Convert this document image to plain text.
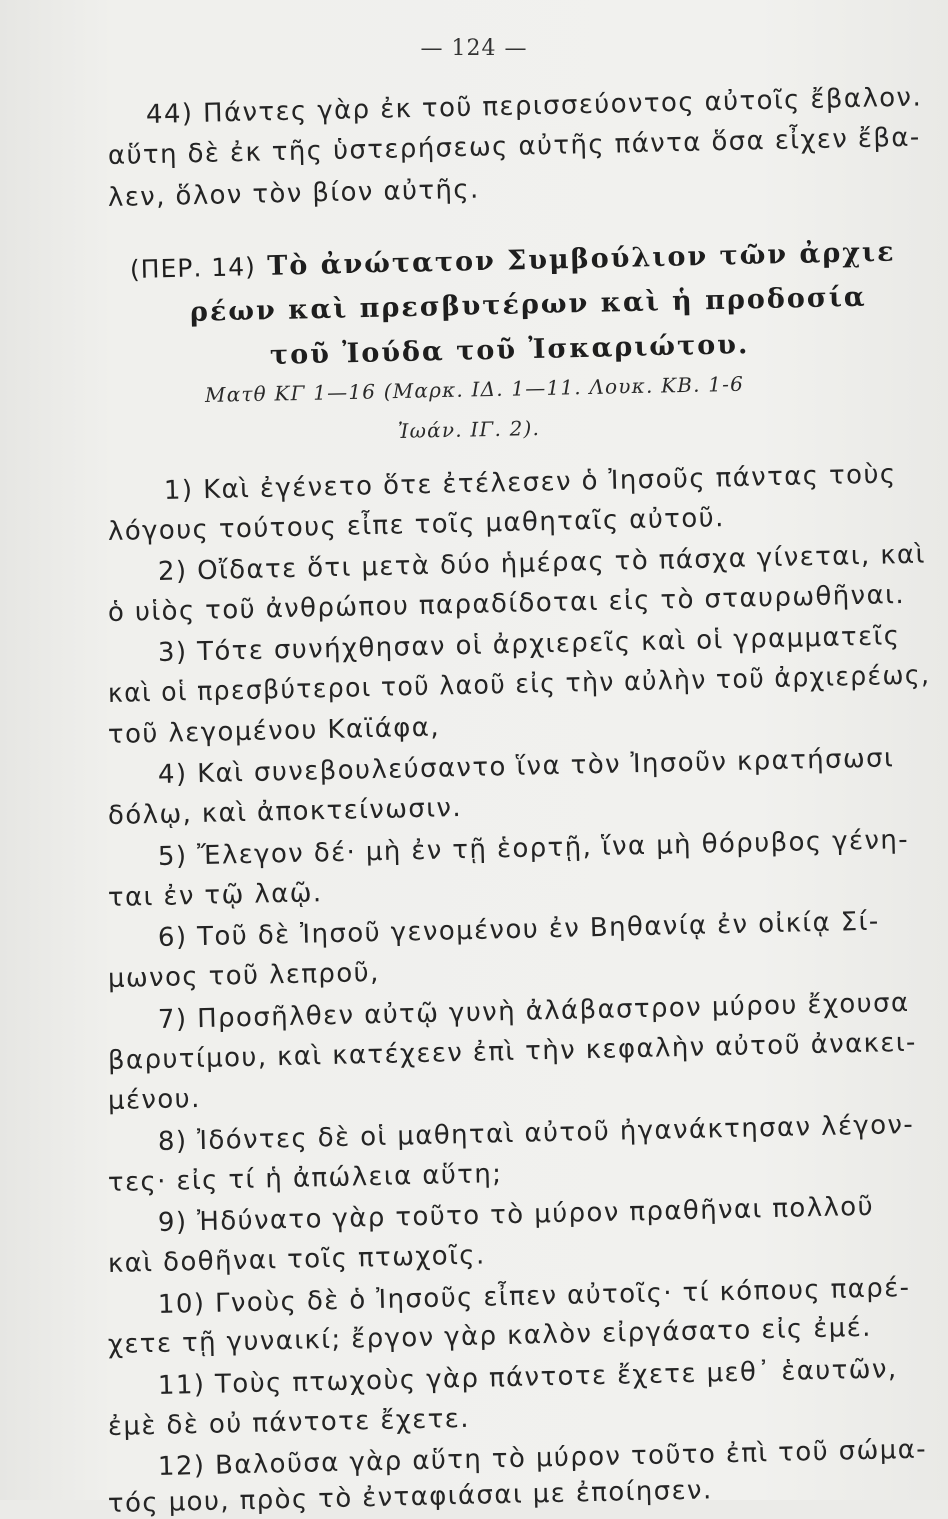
— 124 —
44) Πάντες γὰρ ἐκ τοῦ περισσεύοντος αὐτοῖς ἔβαλον.
αὕτη δὲ ἐκ τῆς ὑστερήσεως αὐτῆς πάντα ὅσα εἶχεν ἔβα-
λεν, ὅλον τὸν βίον αὐτῆς.
(ΠΕΡ. 14) Τὸ ἀνώτατον Συμβούλιον τῶν ἀρχιε
ρέων καὶ πρεσβυτέρων καὶ ἡ προδοσία
τοῦ Ἰούδα τοῦ Ἰσκαριώτου.
Ματθ ΚΓ 1—16 (Μαρκ. ΙΔ. 1—11. Λουκ. ΚΒ. 1-6
Ἰωάν. ΙΓ. 2).
1) Καὶ ἐγένετο ὅτε ἐτέλεσεν ὁ Ἰησοῦς πάντας τοὺς
λόγους τούτους εἶπε τοῖς μαθηταῖς αὐτοῦ.
2) Οἴδατε ὅτι μετὰ δύο ἡμέρας τὸ πάσχα γίνεται, καὶ
ὁ υἱὸς τοῦ ἀνθρώπου παραδίδοται εἰς τὸ σταυρωθῆναι.
3) Τότε συνήχθησαν οἱ ἀρχιερεῖς καὶ οἱ γραμματεῖς
καὶ οἱ πρεσβύτεροι τοῦ λαοῦ εἰς τὴν αὐλὴν τοῦ ἀρχιερέως,
τοῦ λεγομένου Καϊάφα,
4) Καὶ συνεβουλεύσαντο ἵνα τὸν Ἰησοῦν κρατήσωσι
δόλῳ, καὶ ἀποκτείνωσιν.
5) Ἔλεγον δέ· μὴ ἐν τῇ ἑορτῇ, ἵνα μὴ θόρυβος γένη-
ται ἐν τῷ λαῷ.
6) Τοῦ δὲ Ἰησοῦ γενομένου ἐν Βηθανίᾳ ἐν οἰκίᾳ Σί-
μωνος τοῦ λεπροῦ,
7) Προσῆλθεν αὐτῷ γυνὴ ἀλάβαστρον μύρου ἔχουσα
βαρυτίμου, καὶ κατέχεεν ἐπὶ τὴν κεφαλὴν αὐτοῦ ἀνακει-
μένου.
8) Ἰδόντες δὲ οἱ μαθηταὶ αὐτοῦ ἠγανάκτησαν λέγον-
τες· εἰς τί ἡ ἀπώλεια αὕτη;
9) Ἠδύνατο γὰρ τοῦτο τὸ μύρον πραθῆναι πολλοῦ
καὶ δοθῆναι τοῖς πτωχοῖς.
10) Γνοὺς δὲ ὁ Ἰησοῦς εἶπεν αὐτοῖς· τί κόπους παρέ-
χετε τῇ γυναικί; ἔργον γὰρ καλὸν εἰργάσατο εἰς ἐμέ.
11) Τοὺς πτωχοὺς γὰρ πάντοτε ἔχετε μεθ᾽ ἑαυτῶν,
ἐμὲ δὲ οὐ πάντοτε ἔχετε.
12) Βαλοῦσα γὰρ αὕτη τὸ μύρον τοῦτο ἐπὶ τοῦ σώμα-
τός μου, πρὸς τὸ ἐνταφιάσαι με ἐποίησεν.
